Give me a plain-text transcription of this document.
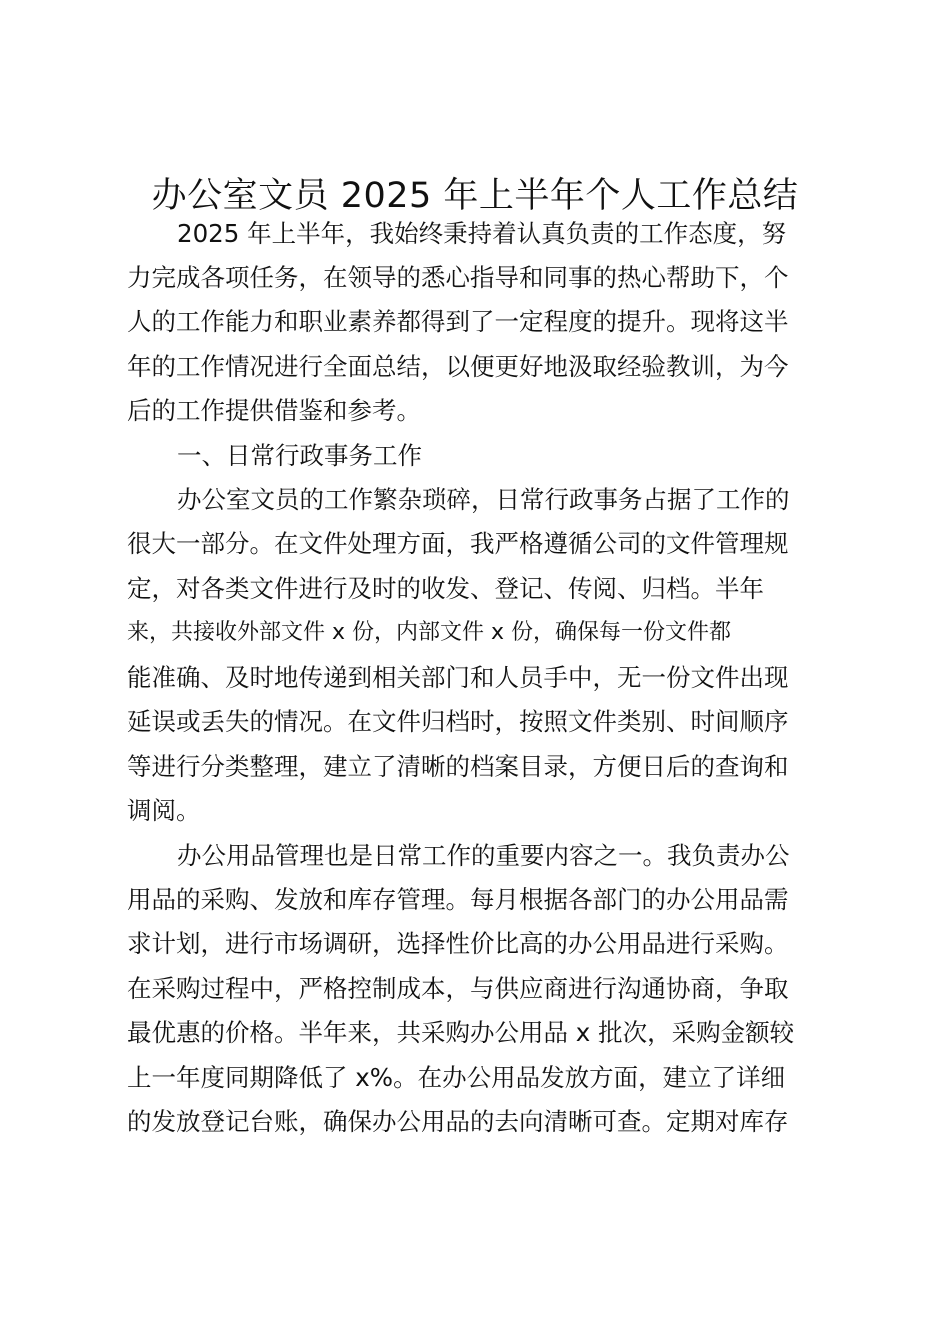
办公室文员 2025 年上半年个人工作总结
2025 年上半年，我始终秉持着认真负责的工作态度，努
力完成各项任务，在领导的悉心指导和同事的热心帮助下，个
人的工作能力和职业素养都得到了一定程度的提升。现将这半
年的工作情况进行全面总结，以便更好地汲取经验教训，为今
后的工作提供借鉴和参考。
一、日常行政事务工作
办公室文员的工作繁杂琐碎，日常行政事务占据了工作的
很大一部分。在文件处理方面，我严格遵循公司的文件管理规
定，对各类文件进行及时的收发、登记、传阅、归档。半年
来，共接收外部文件 x 份，内部文件 x 份，确保每一份文件都
能准确、及时地传递到相关部门和人员手中，无一份文件出现
延误或丢失的情况。在文件归档时，按照文件类别、时间顺序
等进行分类整理，建立了清晰的档案目录，方便日后的查询和
调阅。
办公用品管理也是日常工作的重要内容之一。我负责办公
用品的采购、发放和库存管理。每月根据各部门的办公用品需
求计划，进行市场调研，选择性价比高的办公用品进行采购。
在采购过程中，严格控制成本，与供应商进行沟通协商，争取
最优惠的价格。半年来，共采购办公用品 x 批次，采购金额较
上一年度同期降低了 x%。在办公用品发放方面，建立了详细
的发放登记台账，确保办公用品的去向清晰可查。定期对库存
